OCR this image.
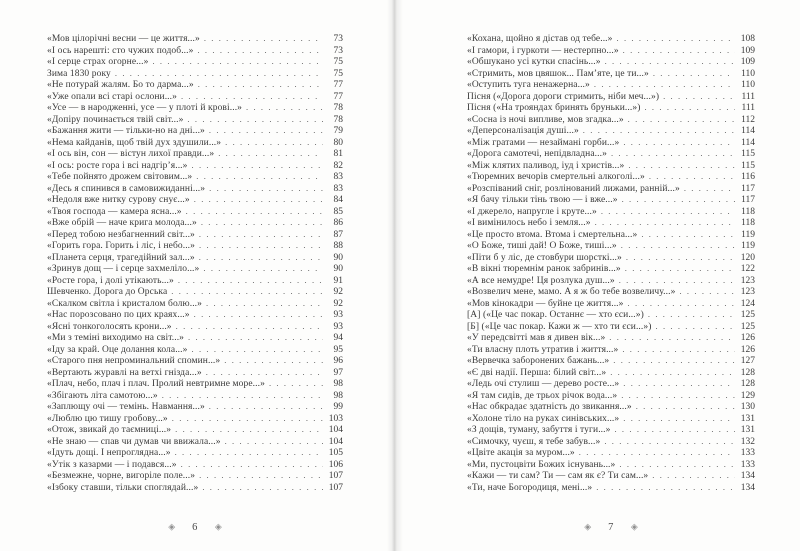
«Мов цілорічні весни — це життя...» . . .	73
«І ось нарешті: сто чужих подоб...» . . .	73
«І серце страх огорне...» . . .	75
Зима 1830 року . . .	75
«Не потурай жалям. Бо то дарма...» . . .	77
«Уже опали всі старі ослони...» . . .	77
«Усе — в народженні, усе — у плоті й крові...» . . .	78
«Допіру починається твій світ...» . . .	78
«Бажання жити — тільки-но на дні...» . . .	79
«Нема кайданів, щоб твій дух здушили...» . . .	80
«І ось він, сон — вістун лихої правди...» . . .	81
«І ось: росте гора і всі надгір’я...» . . .	82
«Тебе пойнято дрожем світовим...» . . .	83
«Десь я спинився в самовижиданні...» . . .	83
«Недоля вже нитку сурову снує...» . . .	84
«Твоя господа — камера ясна...» . . .	85
«Вже обрій — наче крига молода...» . . .	86
«Перед тобою незбагненний світ...» . . .	87
«Горить гора. Горить і ліс, і небо...» . . .	88
«Планета серця, трагедійний зал...» . . .	90
«Зринув дощ — і серце захмеліло...» . . .	90
«Росте гора, і долі утікають...» . . .	91
Шевченко. Дорога до Орська . . .	92
«Скалком світла і кристалом болю...» . . .	92
«Нас порозсовано по цих краях...» . . .	93
«Ясні тонкоголосять крони...» . . .	93
«Ми з теміні виходимо на світ...» . . .	94
«Іду за край. Оце долання кола...» . . .	95
«Старого пня непроминальний спомин...» . . .	96
«Вертають журавлі на ветхі гнізда...» . . .	97
«Плач, небо, плач і плач. Пролий невтримне море...» . . .	98
«Збігають літа самотою...» . . .	98
«Заплющу очі — темінь. Навмання...» . . .	99
«Люблю цю тишу гробову...» . . .	103
«Отож, звикай до таємниці...» . . .	104
«Не знаю — спав чи думав чи ввижала...» . . .	104
«Ідуть дощі. І непроглядна...» . . .	105
«Утік з казарми — і подався...» . . .	106
«Безмежне, чорне, вигоріле поле...» . . .	107
«Ізбоку ставши, тільки споглядай...» . . .	107
◈ 6 ◈
«Кохана, щойно я дістав од тебе...» . . .	108
«І гамори, і гуркоти — нестерпно...» . . .	109
«Обшукано усі кутки спасінь...» . . .	109
«Стримить, мов цвяшок... Пам’яте, це ти...» . . .	110
«Оступить туга ненажерна...» . . .	110
Пісня («Дорога дороги стримить, ніби меч...») . . .	111
Пісня («На трояндах бринять бруньки...») . . .	111
«Сосна із ночі випливе, мов згадка...» . . .	112
«Деперсоналізація душі...» . . .	114
«Між гратами — незаймані горби...» . . .	114
«Дорога самотечі, непідвладна...» . . .	115
«Між клятих паливод, іуд і христів...» . . .	115
«Тюремних вечорів смертельні алкоголі...» . . .	116
«Розспіваний сніг, розлінований лижами, ранній...» . . .	117
«Я бачу тільки тінь твою — і вже...» . . .	117
«І джерело, напругле і круте...» . . .	118
«І вимінилось небо і земля...» . . .	118
«Це просто втома. Втома і смертельна...» . . .	119
«О Боже, тиші дай! О Боже, тиші...» . . .	119
«Піти б у ліс, де стовбури шорсткі...» . . .	120
«В вікні тюремнім ранок забринів...» . . .	122
«А все немудре! Ця розлука душ...» . . .	123
«Возвелич мене, мамо. А я ж бо тебе возвеличу...» . . .	123
«Мов кінокадри — буйне це життя...» . . .	124
[А] («Це час покар. Останнє — хто єси...») . . .	125
[Б] («Це час покар. Кажи ж — хто ти єси...») . . .	125
«У передсвітті мав я дивен вік...» . . .	126
«Ти власну плоть утратив і життя...» . . .	126
«Вервечка заборонених бажань...» . . .	127
«Є дві надії. Перша: білий світ...» . . .	128
«Ледь очі стулиш — дерево росте...» . . .	128
«Я там сидів, де трьох річок вода...» . . .	129
«Нас обкрадає здатність до звикання...» . . .	130
«Холоне тіло на руках синівських...» . . .	131
«З дощів, туману, забуття і туги...» . . .	131
«Симочку, чуєш, я тебе забув...» . . .	132
«Цвіте акація за муром...» . . .	133
«Ми, пустоцвіти Божих існувань...» . . .	133
«Кажи — ти сам? Ти — сам як є? Ти сам...» . . .	134
«Ти, наче Богородиця, мені...» . . .	134
◈ 7 ◈
